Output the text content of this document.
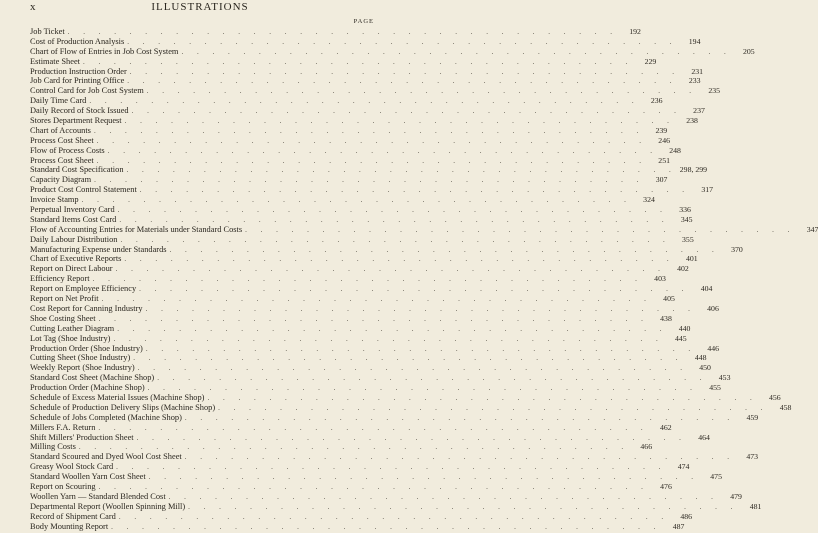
x	ILLUSTRATIONS
PAGE
Job Ticket . . . . . . . . . . . . . . . . . . . . . . . . . . . . . . . . . . . .	192
Cost of Production Analysis . . . . . . . . . . . . . . . . . . . . . . . . . . . . . . . . . . . .	194
Chart of Flow of Entries in Job Cost System . . . . . . . . . . . . . . . . . . . . . . . . . . . . . . . . . . . .	205
Estimate Sheet . . . . . . . . . . . . . . . . . . . . . . . . . . . . . . . . . . . .	229
Production Instruction Order . . . . . . . . . . . . . . . . . . . . . . . . . . . . . . . . . . . .	231
Job Card for Printing Office . . . . . . . . . . . . . . . . . . . . . . . . . . . . . . . . . . . .	233
Control Card for Job Cost System . . . . . . . . . . . . . . . . . . . . . . . . . . . . . . . . . . . .	235
Daily Time Card . . . . . . . . . . . . . . . . . . . . . . . . . . . . . . . . . . . .	236
Daily Record of Stock Issued . . . . . . . . . . . . . . . . . . . . . . . . . . . . . . . . . . . .	237
Stores Department Request . . . . . . . . . . . . . . . . . . . . . . . . . . . . . . . . . . . .	238
Chart of Accounts . . . . . . . . . . . . . . . . . . . . . . . . . . . . . . . . . . . .	239
Process Cost Sheet . . . . . . . . . . . . . . . . . . . . . . . . . . . . . . . . . . . .	246
Flow of Process Costs . . . . . . . . . . . . . . . . . . . . . . . . . . . . . . . . . . . .	248
Process Cost Sheet . . . . . . . . . . . . . . . . . . . . . . . . . . . . . . . . . . . .	251
Standard Cost Specification . . . . . . . . . . . . . . . . . . . . . . . . . . . . . . . . . . . . 298, 299
Capacity Diagram . . . . . . . . . . . . . . . . . . . . . . . . . . . . . . . . . . . .	307
Product Cost Control Statement . . . . . . . . . . . . . . . . . . . . . . . . . . . . . . . . . . . .	317
Invoice Stamp . . . . . . . . . . . . . . . . . . . . . . . . . . . . . . . . . . . .	324
Perpetual Inventory Card . . . . . . . . . . . . . . . . . . . . . . . . . . . . . . . . . . . .	336
Standard Items Cost Card . . . . . . . . . . . . . . . . . . . . . . . . . . . . . . . . . . . .	345
Flow of Accounting Entries for Materials under Standard Costs . . . . . . . . . . . . . . . . . . . . . . . . . . . . . . . . . . . .	347
Daily Labour Distribution . . . . . . . . . . . . . . . . . . . . . . . . . . . . . . . . . . . .	355
Manufacturing Expense under Standards . . . . . . . . . . . . . . . . . . . . . . . . . . . . . . . . . . . .	370
Chart of Executive Reports . . . . . . . . . . . . . . . . . . . . . . . . . . . . . . . . . . . .	401
Report on Direct Labour . . . . . . . . . . . . . . . . . . . . . . . . . . . . . . . . . . . .	402
Efficiency Report . . . . . . . . . . . . . . . . . . . . . . . . . . . . . . . . . . . .	403
Report on Employee Efficiency . . . . . . . . . . . . . . . . . . . . . . . . . . . . . . . . . . . .	404
Report on Net Profit . . . . . . . . . . . . . . . . . . . . . . . . . . . . . . . . . . . .	405
Cost Report for Canning Industry . . . . . . . . . . . . . . . . . . . . . . . . . . . . . . . . . . . .	406
Shoe Costing Sheet . . . . . . . . . . . . . . . . . . . . . . . . . . . . . . . . . . . .	438
Cutting Leather Diagram . . . . . . . . . . . . . . . . . . . . . . . . . . . . . . . . . . . .	440
Lot Tag (Shoe Industry) . . . . . . . . . . . . . . . . . . . . . . . . . . . . . . . . . . . .	445
Production Order (Shoe Industry) . . . . . . . . . . . . . . . . . . . . . . . . . . . . . . . . . . . .	446
Cutting Sheet (Shoe Industry) . . . . . . . . . . . . . . . . . . . . . . . . . . . . . . . . . . . .	448
Weekly Report (Shoe Industry) . . . . . . . . . . . . . . . . . . . . . . . . . . . . . . . . . . . .	450
Standard Cost Sheet (Machine Shop) . . . . . . . . . . . . . . . . . . . . . . . . . . . . . . . . . . . .	453
Production Order (Machine Shop) . . . . . . . . . . . . . . . . . . . . . . . . . . . . . . . . . . . .	455
Schedule of Excess Material Issues (Machine Shop) . . . . . . . . . . . . . . . . . . . . . . . . . . . . . . . . . . . .	456
Schedule of Production Delivery Slips (Machine Shop) . . . . . . . . . . . . . . . . . . . . . . . . . . . . . . . . . . . .	458
Schedule of Jobs Completed (Machine Shop) . . . . . . . . . . . . . . . . . . . . . . . . . . . . . . . . . . . .	459
Millers F.A. Return . . . . . . . . . . . . . . . . . . . . . . . . . . . . . . . . . . . .	462
Shift Millers' Production Sheet . . . . . . . . . . . . . . . . . . . . . . . . . . . . . . . . . . . .	464
Milling Costs . . . . . . . . . . . . . . . . . . . . . . . . . . . . . . . . . . . .	466
Standard Scoured and Dyed Wool Cost Sheet . . . . . . . . . . . . . . . . . . . . . . . . . . . . . . . . . . . .	473
Greasy Wool Stock Card . . . . . . . . . . . . . . . . . . . . . . . . . . . . . . . . . . . .	474
Standard Woollen Yarn Cost Sheet . . . . . . . . . . . . . . . . . . . . . . . . . . . . . . . . . . . .	475
Report on Scouring . . . . . . . . . . . . . . . . . . . . . . . . . . . . . . . . . . . .	476
Woollen Yarn — Standard Blended Cost . . . . . . . . . . . . . . . . . . . . . . . . . . . . . . . . . . . .	479
Departmental Report (Woollen Spinning Mill) . . . . . . . . . . . . . . . . . . . . . . . . . . . . . . . . . . . .	481
Record of Shipment Card . . . . . . . . . . . . . . . . . . . . . . . . . . . . . . . . . . . .	486
Body Mounting Report . . . . . . . . . . . . . . . . . . . . . . . . . . . . . . . . . . . .	487
